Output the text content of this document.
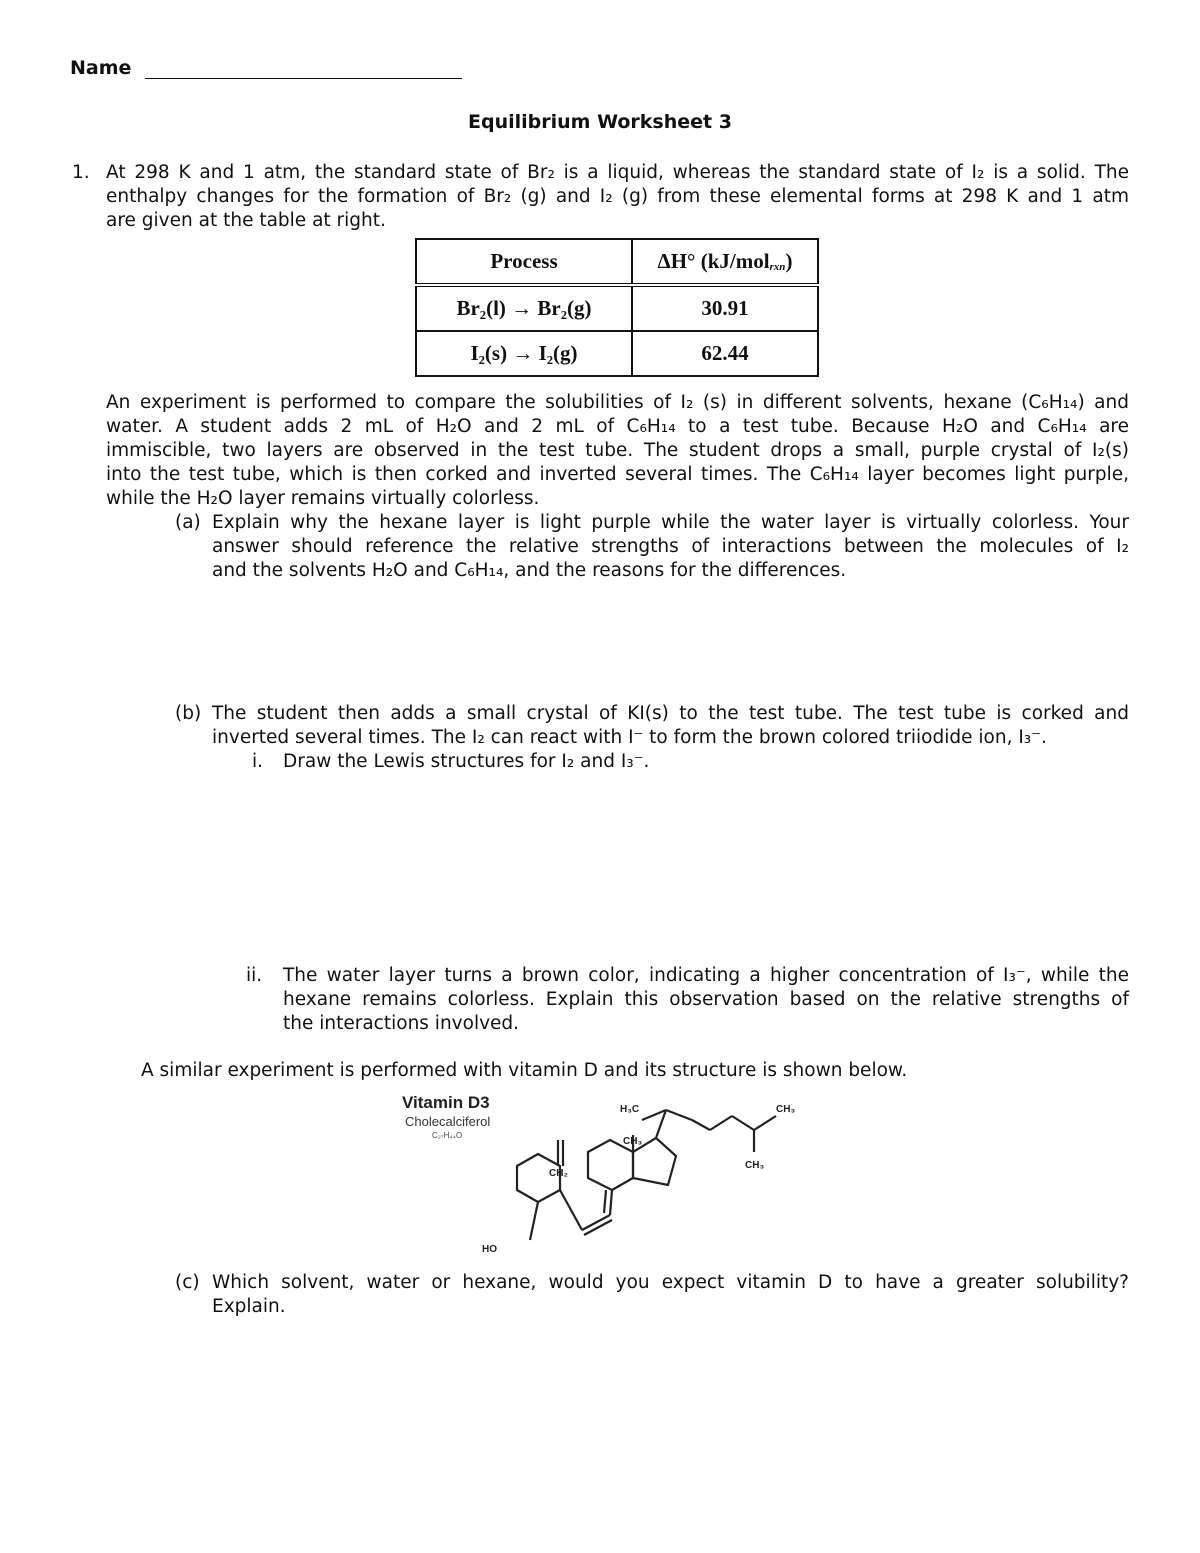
Name
Equilibrium Worksheet 3
1. At 298 K and 1 atm, the standard state of Br₂ is a liquid, whereas the standard state of I₂ is a solid. The
enthalpy changes for the formation of Br₂ (g) and I₂ (g) from these elemental forms at 298 K and 1 atm
are given at the table at right.
Process	ΔH° (kJ/mol$_{rxn}$)
Br₂(l) → Br₂(g)	30.91
I₂(s) → I₂(g)	62.44
An experiment is performed to compare the solubilities of I₂ (s) in different solvents, hexane (C₆H₁₄) and
water. A student adds 2 mL of H₂O and 2 mL of C₆H₁₄ to a test tube. Because H₂O and C₆H₁₄ are
immiscible, two layers are observed in the test tube. The student drops a small, purple crystal of I₂(s)
into the test tube, which is then corked and inverted several times. The C₆H₁₄ layer becomes light purple,
while the H₂O layer remains virtually colorless.
(a) Explain why the hexane layer is light purple while the water layer is virtually colorless. Your
answer should reference the relative strengths of interactions between the molecules of I₂
and the solvents H₂O and C₆H₁₄, and the reasons for the differences.
(b) The student then adds a small crystal of KI(s) to the test tube. The test tube is corked and
inverted several times. The I₂ can react with I⁻ to form the brown colored triiodide ion, I₃⁻.
i. Draw the Lewis structures for I₂ and I₃⁻.
ii. The water layer turns a brown color, indicating a higher concentration of I₃⁻, while the
hexane remains colorless. Explain this observation based on the relative strengths of
the interactions involved.
A similar experiment is performed with vitamin D and its structure is shown below.
Vitamin D3
Cholecalciferol
C₂₇H₄₄O
H₃C	CH₃
CH₃
CH₂
CH₃
HO
(c) Which solvent, water or hexane, would you expect vitamin D to have a greater solubility?
Explain.
